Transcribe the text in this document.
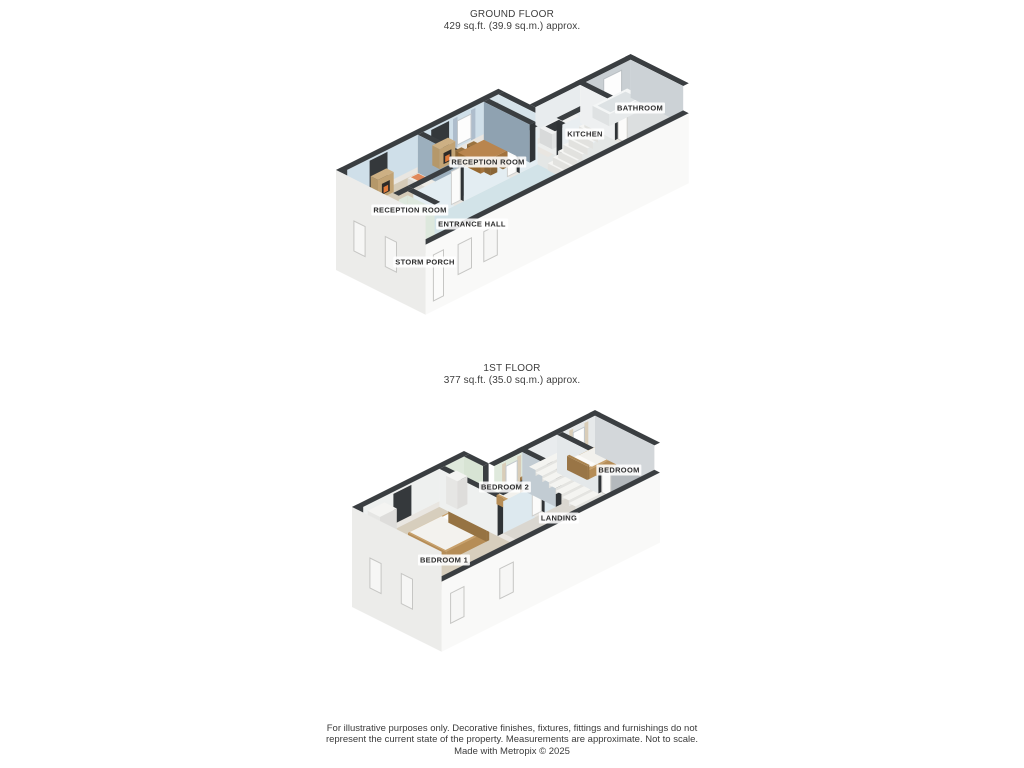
GROUND FLOOR
429 sq.ft. (39.9 sq.m.) approx.
1ST FLOOR
377 sq.ft. (35.0 sq.m.) approx.
BATHROOM
KITCHEN
RECEPTION ROOM
RECEPTION ROOM
ENTRANCE HALL
STORM PORCH
BEDROOM 2
BEDROOM
LANDING
BEDROOM 1
For illustrative purposes only. Decorative finishes, fixtures, fittings and furnishings do not
represent the current state of the property. Measurements are approximate. Not to scale.
Made with Metropix © 2025
